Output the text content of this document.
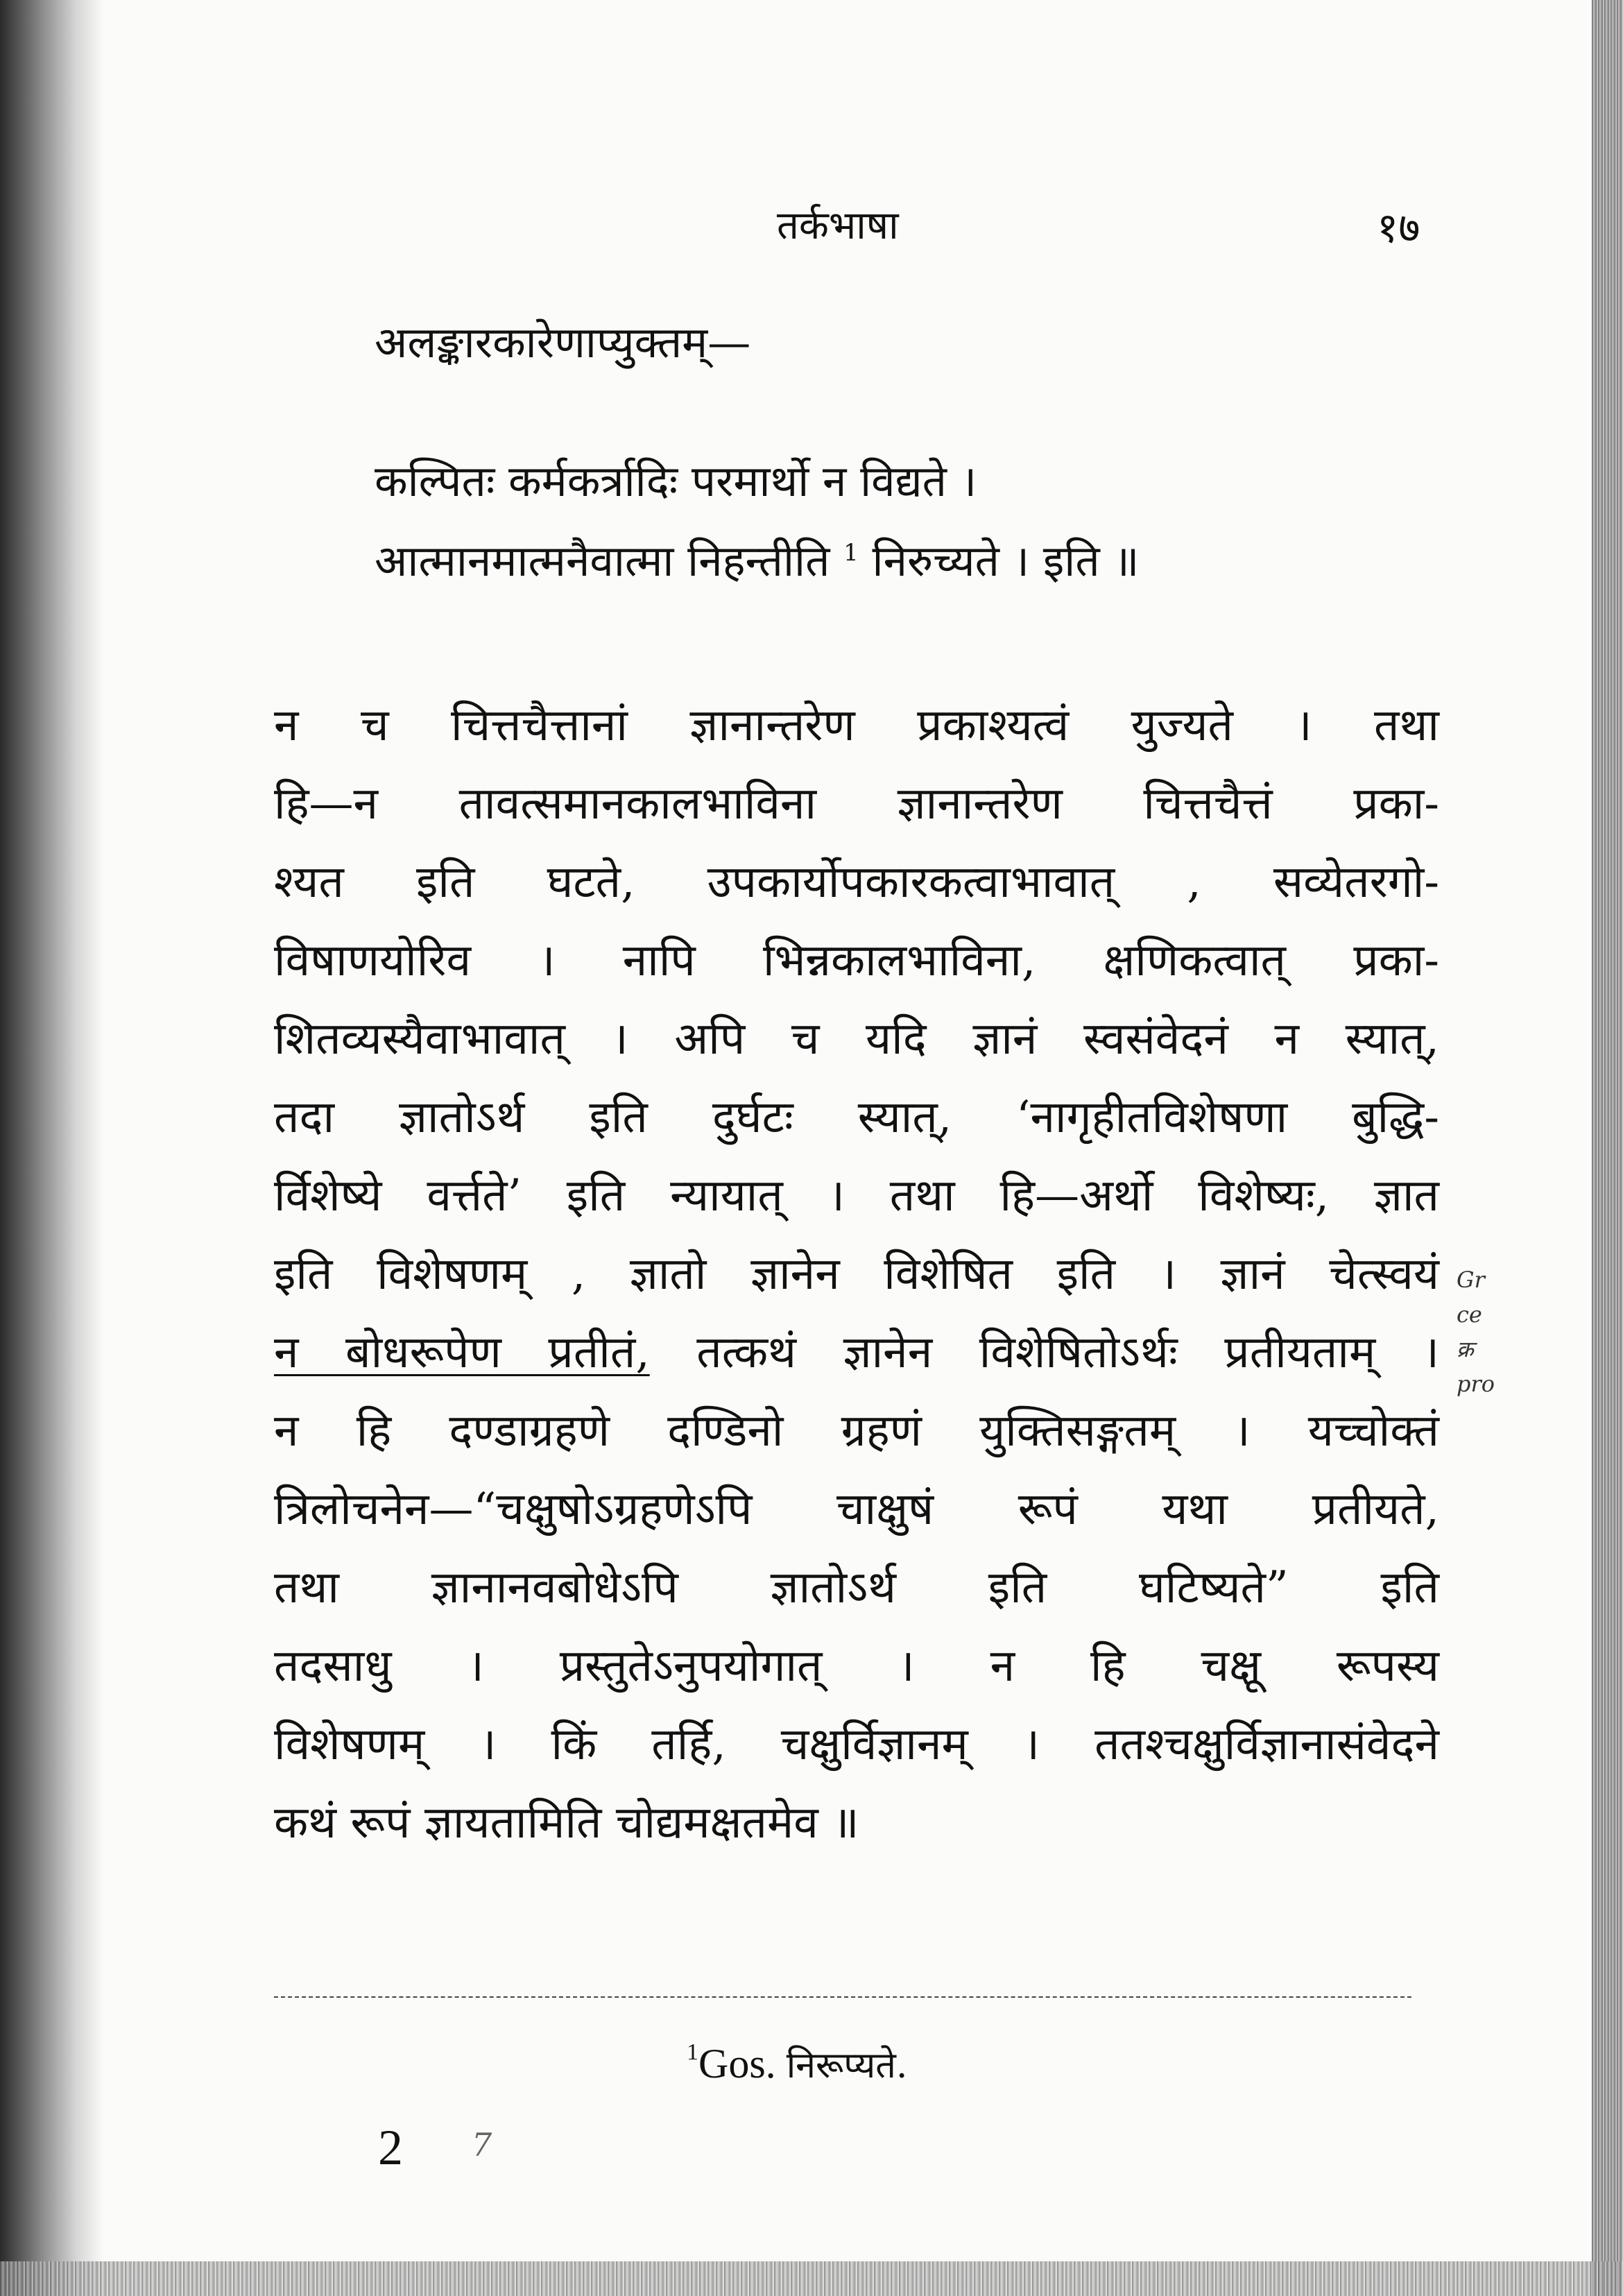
तर्कभाषा	१७
अलङ्कारकारेणाप्युक्तम्—
कल्पितः कर्मकर्त्रादिः परमार्थो न विद्यते ।
आत्मानमात्मनैवात्मा निहन्तीति $^1$ निरुच्यते । इति ॥
न च चित्तचैत्तानां ज्ञानान्तरेण प्रकाश्यत्वं युज्यते । तथा
हि—न तावत्समानकालभाविना ज्ञानान्तरेण चित्तचैत्तं प्रका-
श्यत इति घटते, उपकार्योपकारकत्वाभावात् , सव्येतरगो-
विषाणयोरिव । नापि भिन्नकालभाविना, क्षणिकत्वात् प्रका-
शितव्यस्यैवाभावात् । अपि च यदि ज्ञानं स्वसंवेदनं न स्यात्,
तदा ज्ञातोऽर्थ इति दुर्घटः स्यात्, ‘नागृहीतविशेषणा बुद्धि-
र्विशेष्ये वर्त्तते’ इति न्यायात् । तथा हि—अर्थो विशेष्यः, ज्ञात
इति विशेषणम् , ज्ञातो ज्ञानेन विशेषित इति । ज्ञानं चेत्स्वयं
न बोधरूपेण प्रतीतं, तत्कथं ज्ञानेन विशेषितोऽर्थः प्रतीयताम् ।
न हि दण्डाग्रहणे दण्डिनो ग्रहणं युक्तिसङ्गतम् । यच्चोक्तं
त्रिलोचनेन—“चक्षुषोऽग्रहणेऽपि चाक्षुषं रूपं यथा प्रतीयते,
तथा ज्ञानानवबोधेऽपि ज्ञातोऽर्थ इति घटिष्यते” इति
तदसाधु । प्रस्तुतेऽनुपयोगात् । न हि चक्षू रूपस्य
विशेषणम् । किं तर्हि, चक्षुर्विज्ञानम् । ततश्चक्षुर्विज्ञानासंवेदने
कथं रूपं ज्ञायतामिति चोद्यमक्षतमेव ॥
Gr
ce
क्र
pro
$^1$Gos. निरूप्यते.
2 7
